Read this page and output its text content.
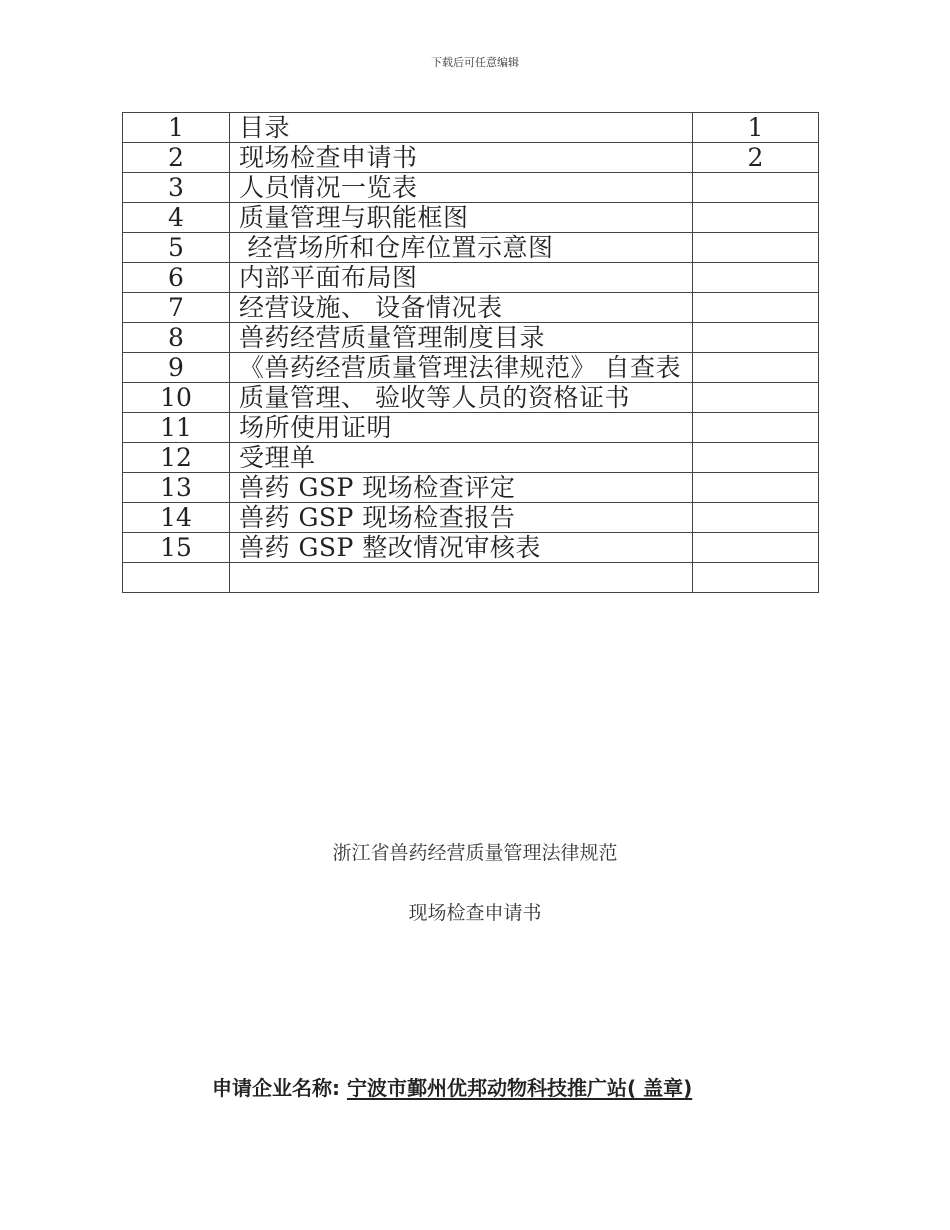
下载后可任意编辑
1	目录	1
2	现场检查申请书	2
3	人员情况一览表	
4	质量管理与职能框图	
5	经营场所和仓库位置示意图	
6	内部平面布局图	
7	经营设施、 设备情况表	
8	兽药经营质量管理制度目录	
9	《兽药经营质量管理法律规范》 自查表	
10	质量管理、 验收等人员的资格证书	
11	场所使用证明	
12	受理单	
13	兽药 GSP 现场检查评定	
14	兽药 GSP 现场检查报告	
15	兽药 GSP 整改情况审核表	

浙江省兽药经营质量管理法律规范
现场检查申请书
申请企业名称: 宁波市鄞州优邦动物科技推广站( 盖章)
